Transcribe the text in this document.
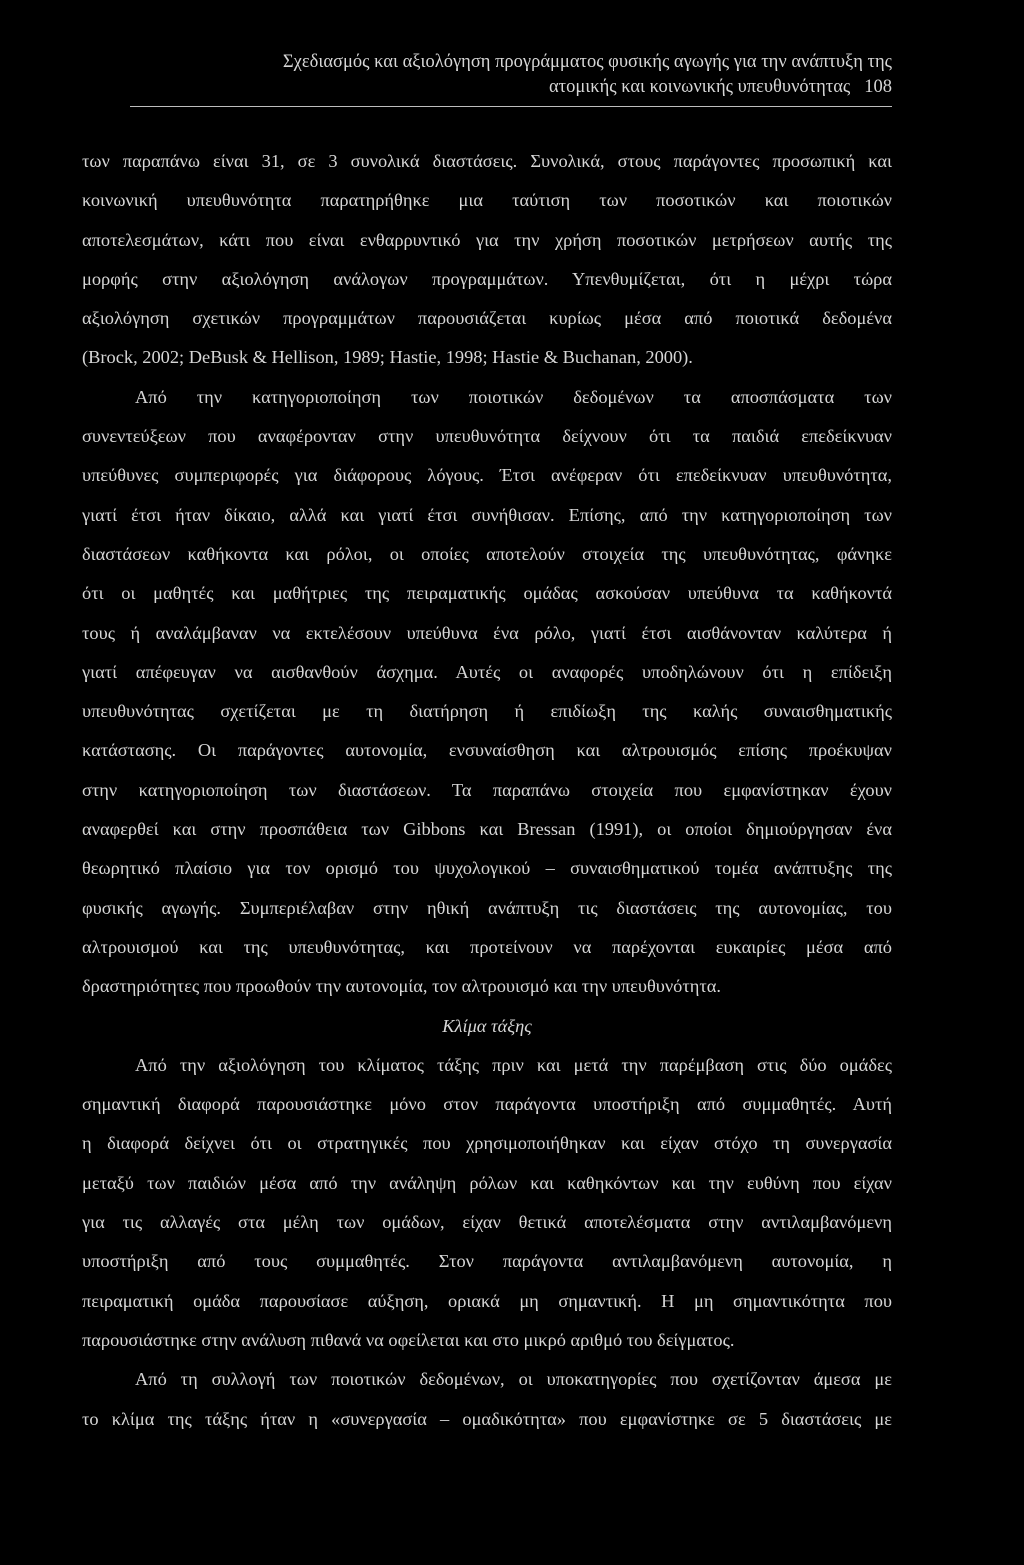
Σχεδιασμός και αξιολόγηση προγράμματος φυσικής αγωγής για την ανάπτυξη της
ατομικής και κοινωνικής υπευθυνότητας 108
των παραπάνω είναι 31, σε 3 συνολικά διαστάσεις. Συνολικά, στους παράγοντες προσωπική και
κοινωνική υπευθυνότητα παρατηρήθηκε μια ταύτιση των ποσοτικών και ποιοτικών
αποτελεσμάτων, κάτι που είναι ενθαρρυντικό για την χρήση ποσοτικών μετρήσεων αυτής της
μορφής στην αξιολόγηση ανάλογων προγραμμάτων. Υπενθυμίζεται, ότι η μέχρι τώρα
αξιολόγηση σχετικών προγραμμάτων παρουσιάζεται κυρίως μέσα από ποιοτικά δεδομένα
(Brock, 2002; DeBusk & Hellison, 1989; Hastie, 1998; Hastie & Buchanan, 2000).
Από την κατηγοριοποίηση των ποιοτικών δεδομένων τα αποσπάσματα των
συνεντεύξεων που αναφέρονταν στην υπευθυνότητα δείχνουν ότι τα παιδιά επεδείκνυαν
υπεύθυνες συμπεριφορές για διάφορους λόγους. Έτσι ανέφεραν ότι επεδείκνυαν υπευθυνότητα,
γιατί έτσι ήταν δίκαιο, αλλά και γιατί έτσι συνήθισαν. Επίσης, από την κατηγοριοποίηση των
διαστάσεων καθήκοντα και ρόλοι, οι οποίες αποτελούν στοιχεία της υπευθυνότητας, φάνηκε
ότι οι μαθητές και μαθήτριες της πειραματικής ομάδας ασκούσαν υπεύθυνα τα καθήκοντά
τους ή αναλάμβαναν να εκτελέσουν υπεύθυνα ένα ρόλο, γιατί έτσι αισθάνονταν καλύτερα ή
γιατί απέφευγαν να αισθανθούν άσχημα. Αυτές οι αναφορές υποδηλώνουν ότι η επίδειξη
υπευθυνότητας σχετίζεται με τη διατήρηση ή επιδίωξη της καλής συναισθηματικής
κατάστασης. Οι παράγοντες αυτονομία, ενσυναίσθηση και αλτρουισμός επίσης προέκυψαν
στην κατηγοριοποίηση των διαστάσεων. Τα παραπάνω στοιχεία που εμφανίστηκαν έχουν
αναφερθεί και στην προσπάθεια των Gibbons και Bressan (1991), οι οποίοι δημιούργησαν ένα
θεωρητικό πλαίσιο για τον ορισμό του ψυχολογικού – συναισθηματικού τομέα ανάπτυξης της
φυσικής αγωγής. Συμπεριέλαβαν στην ηθική ανάπτυξη τις διαστάσεις της αυτονομίας, του
αλτρουισμού και της υπευθυνότητας, και προτείνουν να παρέχονται ευκαιρίες μέσα από
δραστηριότητες που προωθούν την αυτονομία, τον αλτρουισμό και την υπευθυνότητα.
Κλίμα τάξης
Από την αξιολόγηση του κλίματος τάξης πριν και μετά την παρέμβαση στις δύο ομάδες
σημαντική διαφορά παρουσιάστηκε μόνο στον παράγοντα υποστήριξη από συμμαθητές. Αυτή
η διαφορά δείχνει ότι οι στρατηγικές που χρησιμοποιήθηκαν και είχαν στόχο τη συνεργασία
μεταξύ των παιδιών μέσα από την ανάληψη ρόλων και καθηκόντων και την ευθύνη που είχαν
για τις αλλαγές στα μέλη των ομάδων, είχαν θετικά αποτελέσματα στην αντιλαμβανόμενη
υποστήριξη από τους συμμαθητές. Στον παράγοντα αντιλαμβανόμενη αυτονομία, η
πειραματική ομάδα παρουσίασε αύξηση, οριακά μη σημαντική. Η μη σημαντικότητα που
παρουσιάστηκε στην ανάλυση πιθανά να οφείλεται και στο μικρό αριθμό του δείγματος.
Από τη συλλογή των ποιοτικών δεδομένων, οι υποκατηγορίες που σχετίζονταν άμεσα με
το κλίμα της τάξης ήταν η «συνεργασία – ομαδικότητα» που εμφανίστηκε σε 5 διαστάσεις με
